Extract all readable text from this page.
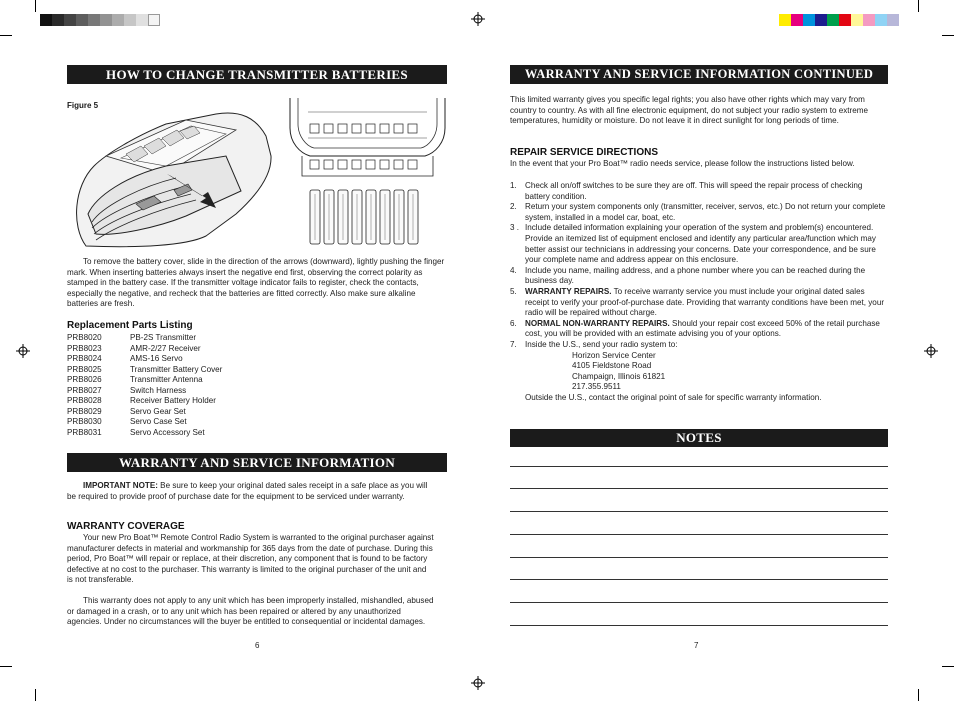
HOW TO CHANGE TRANSMITTER BATTERIES
Figure 5
To remove the battery cover, slide in the direction of the arrows (downward), lightly pushing the finger mark. When inserting batteries always insert the negative end first, observing the correct polarity as stamped in the battery case. If the transmitter voltage indicator fails to register, check the contacts, especially the negative, and recheck that the batteries are fitted correctly. Also make sure alkaline batteries are fresh.
Replacement Parts Listing
PRB8020	PB-2S Transmitter
PRB8023	AMR-2/27 Receiver
PRB8024	AMS-16 Servo
PRB8025	Transmitter Battery Cover
PRB8026	Transmitter Antenna
PRB8027	Switch Harness
PRB8028	Receiver Battery Holder
PRB8029	Servo Gear Set
PRB8030	Servo Case Set
PRB8031	Servo Accessory Set
WARRANTY AND SERVICE INFORMATION
IMPORTANT NOTE: Be sure to keep your original dated sales receipt in a safe place as you will be required to provide proof of purchase date for the equipment to be serviced under warranty.
WARRANTY COVERAGE
Your new Pro Boat™ Remote Control Radio System is warranted to the original purchaser against manufacturer defects in material and workmanship for 365 days from the date of purchase. During this period, Pro Boat™ will repair or replace, at their discretion, any component that is found to be factory defective at no cost to the purchaser. This warranty is limited to the original purchaser of the unit and is not transferable.
This warranty does not apply to any unit which has been improperly installed, mishandled, abused or damaged in a crash, or to any unit which has been repaired or altered by any unauthorized agencies. Under no circumstances will the buyer be entitled to consequential or incidental damages.
6
WARRANTY AND SERVICE INFORMATION CONTINUED
This limited warranty gives you specific legal rights; you also have other rights which may vary from country to country. As with all fine electronic equipment, do not subject your radio system to extreme temperatures, humidity or moisture. Do not leave it in direct sunlight for long periods of time.
REPAIR SERVICE DIRECTIONS
In the event that your Pro Boat™ radio needs service, please follow the instructions listed below.
1.	Check all on/off switches to be sure they are off. This will speed the repair process of checking battery condition.
2.	Return your system components only (transmitter, receiver, servos, etc.) Do not return your complete system, installed in a model car, boat, etc.
3 . Include detailed information explaining your operation of the system and problem(s) encountered. Provide an itemized list of equipment enclosed and identify any particular area/function which may better assist our technicians in addressing your concerns. Date your correspondence, and be sure your complete name and address appear on this enclosure.
4.	Include you name, mailing address, and a phone number where you can be reached during the business day.
5.	WARRANTY REPAIRS. To receive warranty service you must include your original dated sales receipt to verify your proof-of-purchase date. Providing that warranty conditions have been met, your radio will be repaired without charge.
6.	NORMAL NON-WARRANTY REPAIRS. Should your repair cost exceed 50% of the retail purchase cost, you will be provided with an estimate advising you of your options.
7.	Inside the U.S., send your radio system to:
Horizon Service Center
4105 Fieldstone Road
Champaign, Illinois 61821
217.355.9511
Outside the U.S., contact the original point of sale for specific warranty information.
NOTES
7
